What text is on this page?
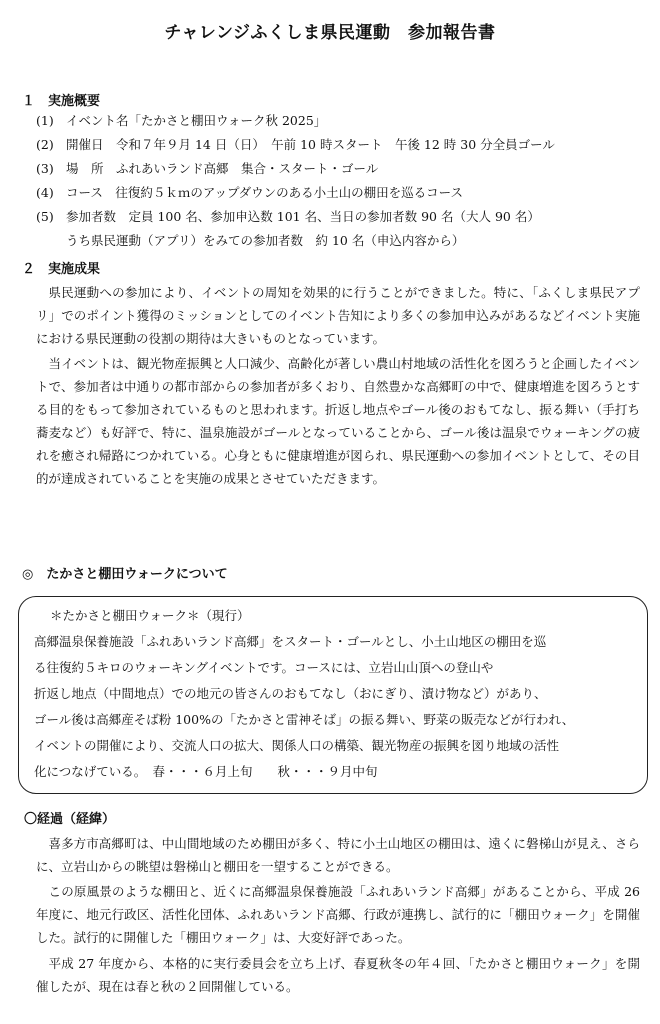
チャレンジふくしま県民運動　参加報告書
１　実施概要
(1) イベント名「たかさと棚田ウォーク秋 2025」
(2) 開催日　令和７年９月 14 日（日）　午前 10 時スタート　午後 12 時 30 分全員ゴール
(3) 場　所　ふれあいランド高郷　集合・スタート・ゴール
(4) コース　往復約５ｋｍのアップダウンのある小土山の棚田を巡るコース
(5) 参加者数　定員 100 名、参加申込数 101 名、当日の参加者数 90 名（大人 90 名）
うち県民運動（アプリ）をみての参加者数　約 10 名（申込内容から）
２　実施成果
県民運動への参加により、イベントの周知を効果的に行うことができました。特に、「ふくしま県民アプリ」でのポイント獲得のミッションとしてのイベント告知により多くの参加申込みがあるなどイベント実施における県民運動の役割の期待は大きいものとなっています。
当イベントは、観光物産振興と人口減少、高齢化が著しい農山村地域の活性化を図ろうと企画したイベントで、参加者は中通りの都市部からの参加者が多くおり、自然豊かな高郷町の中で、健康増進を図ろうとする目的をもって参加されているものと思われます。折返し地点やゴール後のおもてなし、振る舞い（手打ち蕎麦など）も好評で、特に、温泉施設がゴールとなっていることから、ゴール後は温泉でウォーキングの疲れを癒され帰路につかれている。心身ともに健康増進が図られ、県民運動への参加イベントとして、その目的が達成されていることを実施の成果とさせていただきます。
◎　たかさと棚田ウォークについて
＊たかさと棚田ウォーク＊（現行）
高郷温泉保養施設「ふれあいランド高郷」をスタート・ゴールとし、小土山地区の棚田を巡
る往復約５キロのウォーキングイベントです。コースには、立岩山山頂への登山や
折返し地点（中間地点）での地元の皆さんのおもてなし（おにぎり、漬け物など）があり、
ゴール後は高郷産そば粉 100%の「たかさと雷神そば」の振る舞い、野菜の販売などが行われ、
イベントの開催により、交流人口の拡大、関係人口の構築、観光物産の振興を図り地域の活性
化につなげている。　春・・・６月上旬　　秋・・・９月中旬
〇経過（経緯）
喜多方市高郷町は、中山間地域のため棚田が多く、特に小土山地区の棚田は、遠くに磐梯山が見え、さらに、立岩山からの眺望は磐梯山と棚田を一望することができる。
この原風景のような棚田と、近くに高郷温泉保養施設「ふれあいランド高郷」があることから、平成 26 年度に、地元行政区、活性化団体、ふれあいランド高郷、行政が連携し、試行的に「棚田ウォーク」を開催した。試行的に開催した「棚田ウォーク」は、大変好評であった。
平成 27 年度から、本格的に実行委員会を立ち上げ、春夏秋冬の年４回、「たかさと棚田ウォーク」を開催したが、現在は春と秋の２回開催している。
